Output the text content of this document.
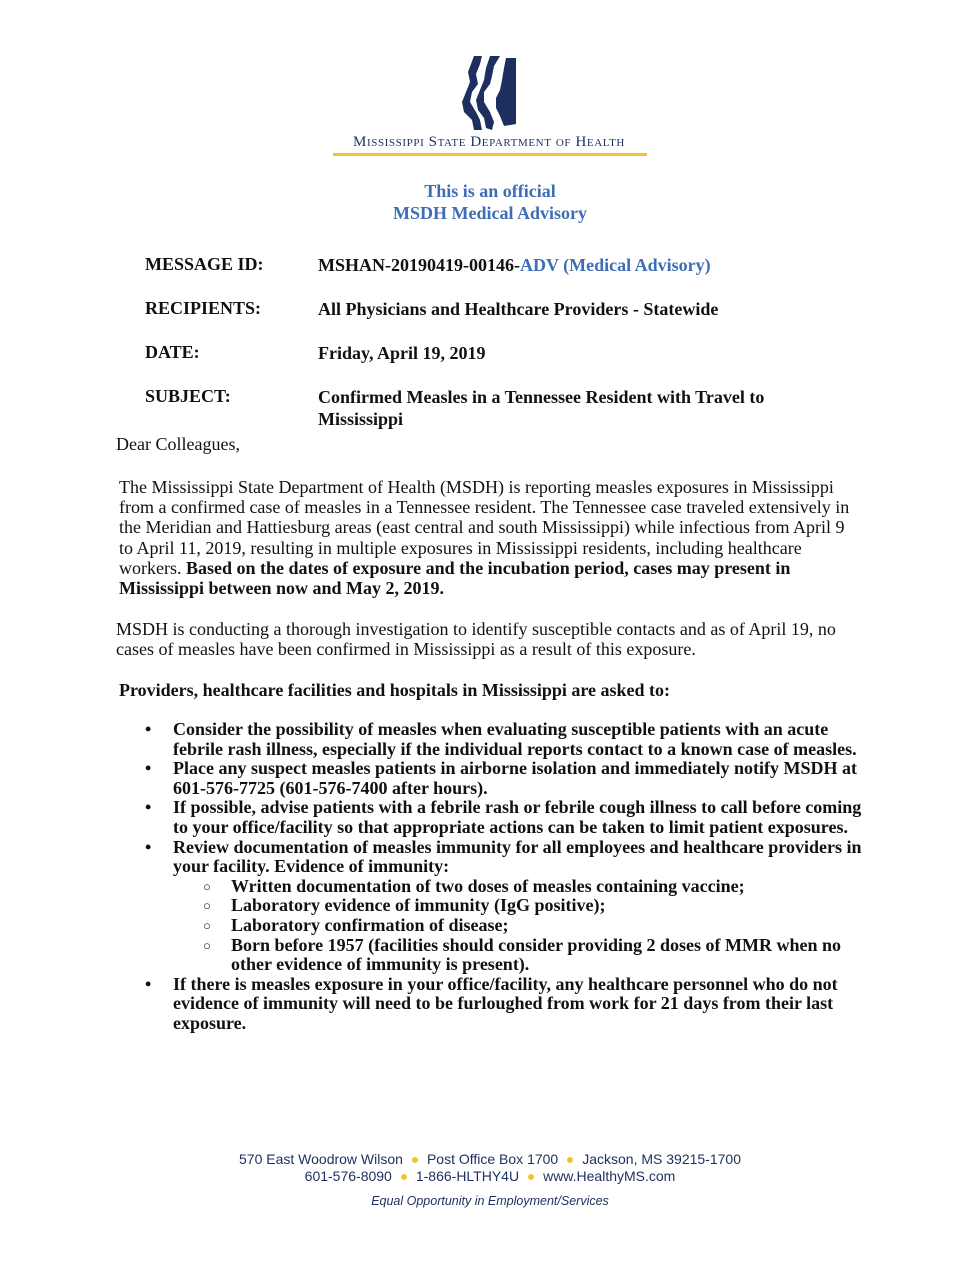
Mississippi State Department of Health
This is an official
MSDH Medical Advisory
MESSAGE ID:	MSHAN-20190419-00146-ADV (Medical Advisory)
RECIPIENTS:	All Physicians and Healthcare Providers - Statewide
DATE:	Friday, April 19, 2019
SUBJECT:	Confirmed Measles in a Tennessee Resident with Travel to Mississippi
Dear Colleagues,
The Mississippi State Department of Health (MSDH) is reporting measles exposures in Mississippi from a confirmed case of measles in a Tennessee resident. The Tennessee case traveled extensively in the Meridian and Hattiesburg areas (east central and south Mississippi) while infectious from April 9 to April 11, 2019, resulting in multiple exposures in Mississippi residents, including healthcare workers. Based on the dates of exposure and the incubation period, cases may present in Mississippi between now and May 2, 2019.
MSDH is conducting a thorough investigation to identify susceptible contacts and as of April 19, no cases of measles have been confirmed in Mississippi as a result of this exposure.
Providers, healthcare facilities and hospitals in Mississippi are asked to:
• Consider the possibility of measles when evaluating susceptible patients with an acute febrile rash illness, especially if the individual reports contact to a known case of measles.
• Place any suspect measles patients in airborne isolation and immediately notify MSDH at 601-576-7725 (601-576-7400 after hours).
• If possible, advise patients with a febrile rash or febrile cough illness to call before coming to your office/facility so that appropriate actions can be taken to limit patient exposures.
• Review documentation of measles immunity for all employees and healthcare providers in your facility. Evidence of immunity:
○ Written documentation of two doses of measles containing vaccine;
○ Laboratory evidence of immunity (IgG positive);
○ Laboratory confirmation of disease;
○ Born before 1957 (facilities should consider providing 2 doses of MMR when no other evidence of immunity is present).
• If there is measles exposure in your office/facility, any healthcare personnel who do not evidence of immunity will need to be furloughed from work for 21 days from their last exposure.
570 East Woodrow Wilson Post Office Box 1700 Jackson, MS 39215-1700
601-576-8090 1-866-HLTHY4U www.HealthyMS.com
Equal Opportunity in Employment/Services
